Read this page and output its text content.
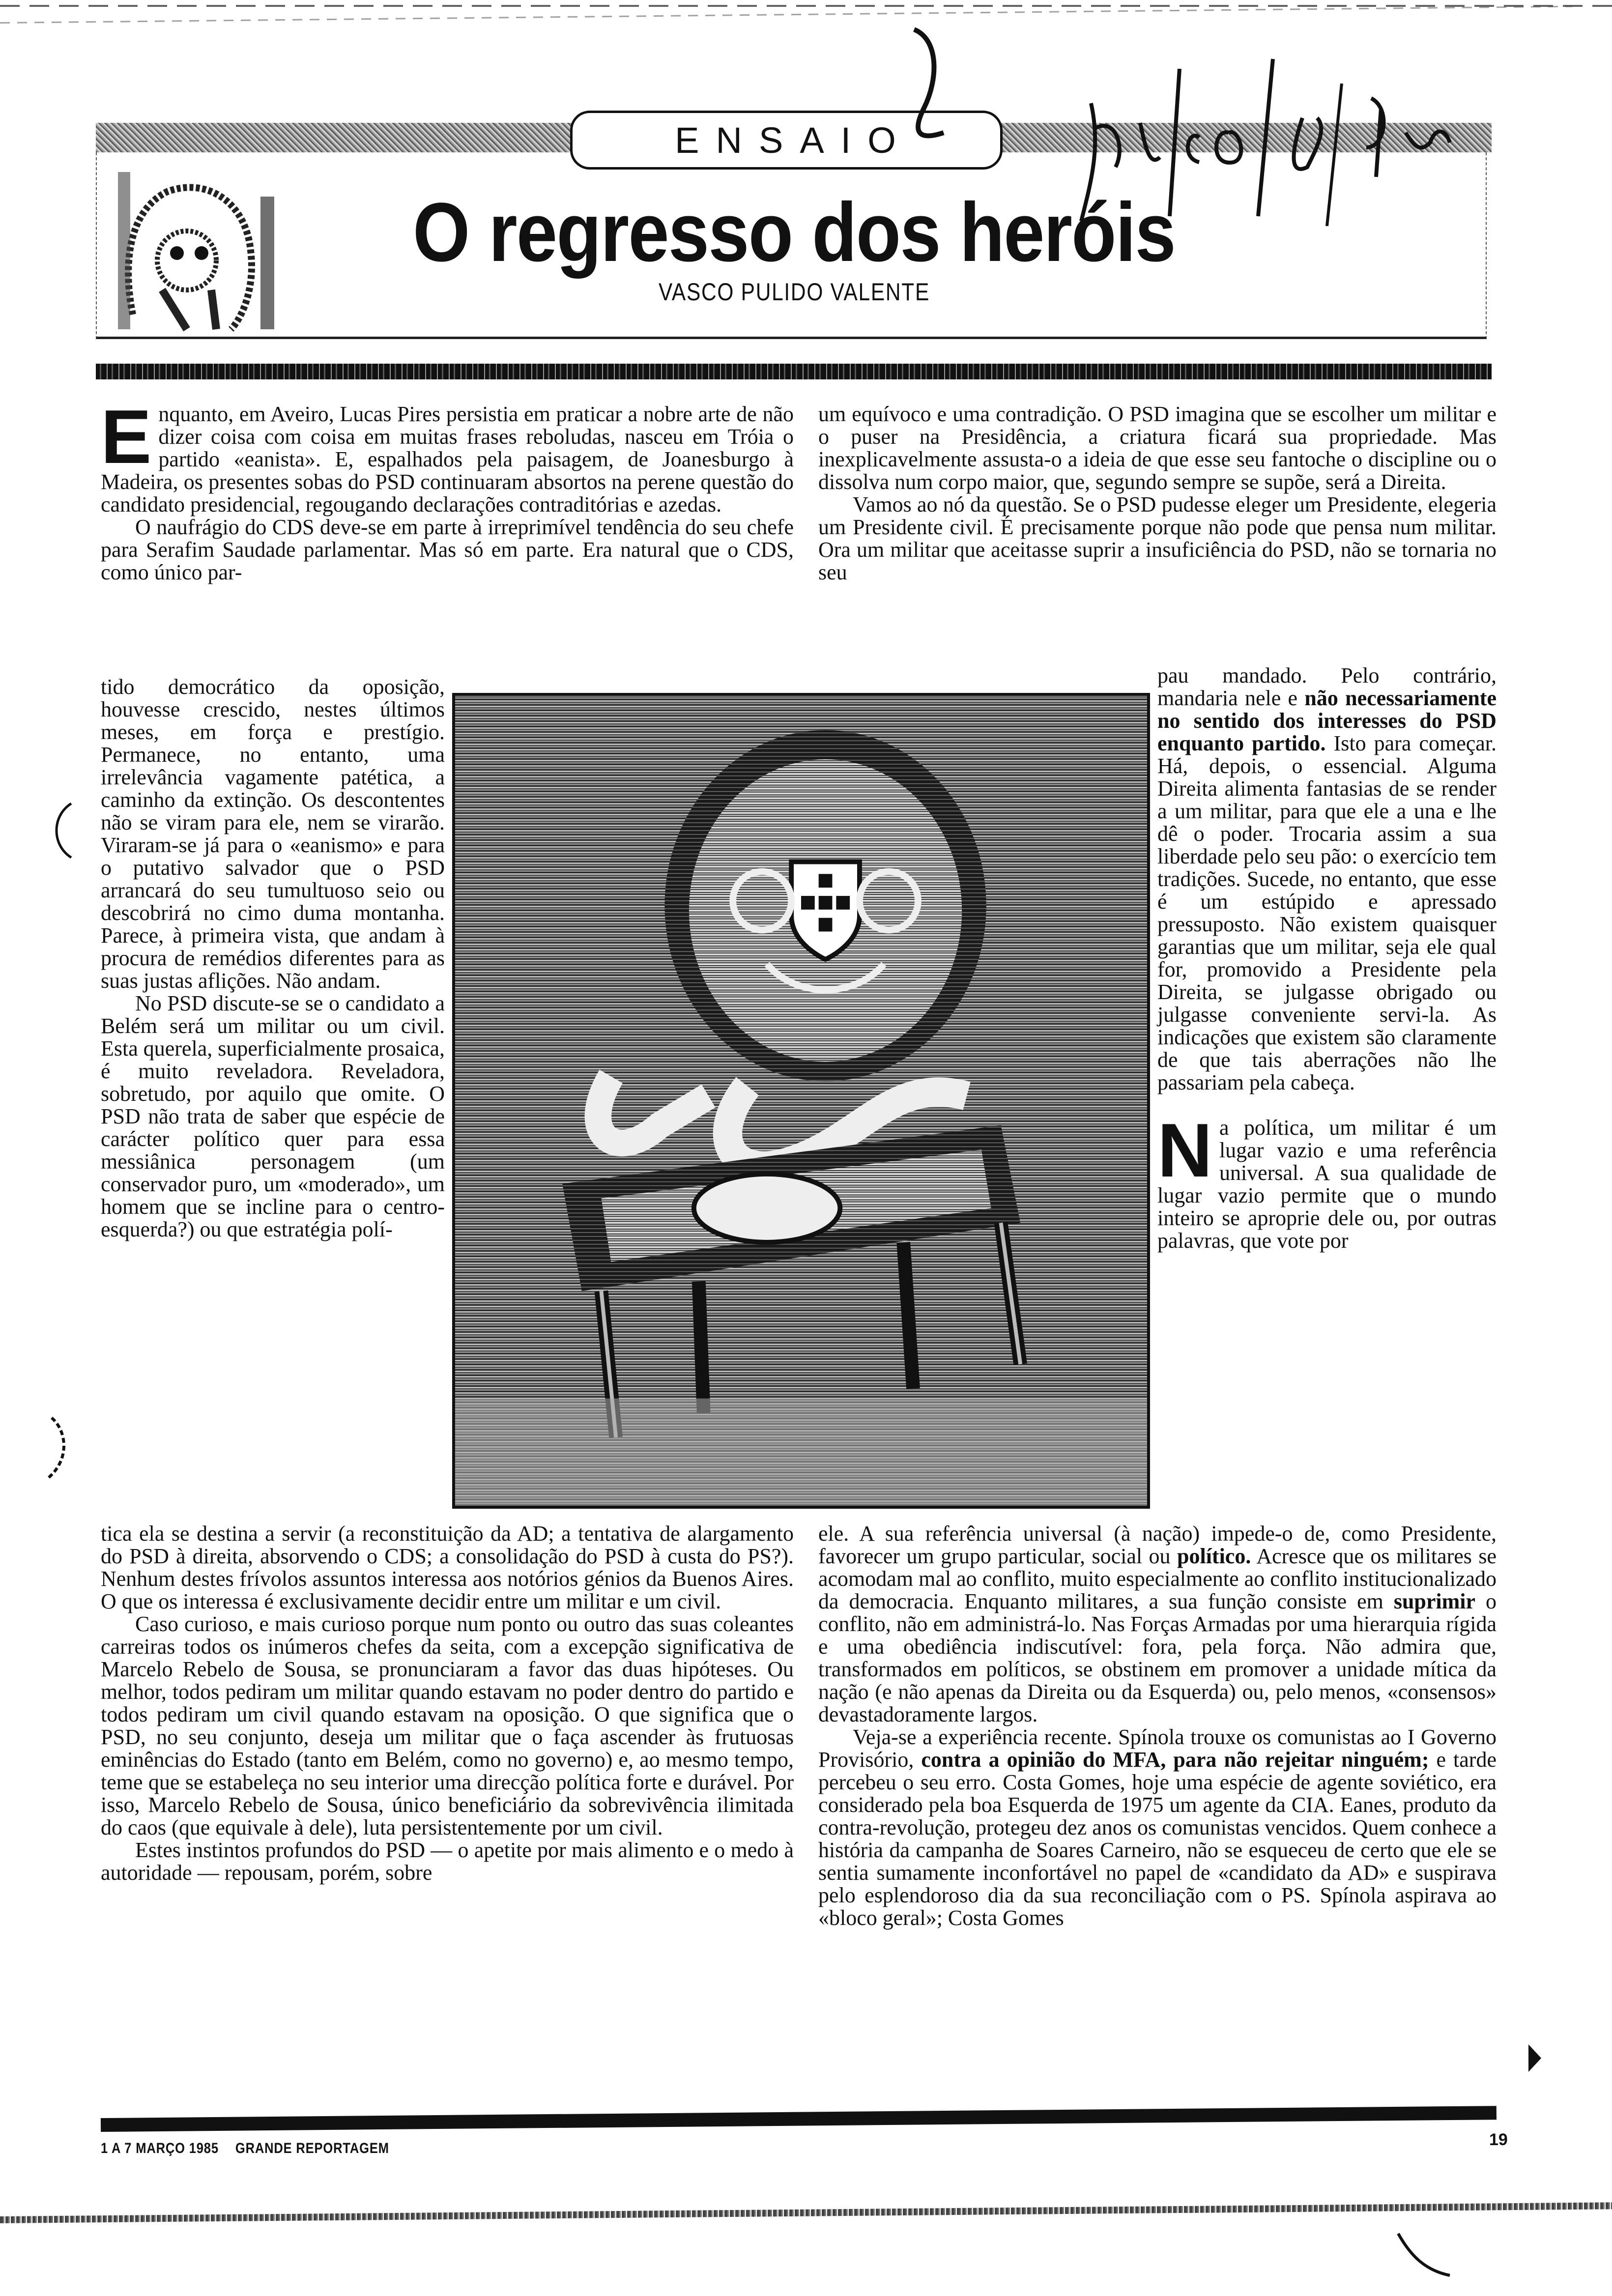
ENSAIO
O regresso dos heróis
VASCO PULIDO VALENTE

Enquanto, em Aveiro, Lucas Pires persistia em praticar a nobre arte de não dizer coisa com coisa em muitas frases reboludas, nasceu em Tróia o partido «eanista». E, espalhados pela paisagem, de Joanesburgo à Madeira, os presentes sobas do PSD continuaram absortos na perene questão do candidato presidencial, regougando declarações contraditórias e azedas.

O naufrágio do CDS deve-se em parte à irreprimível tendência do seu chefe para Serafim Saudade parlamentar. Mas só em parte. Era natural que o CDS, como único par-

tido democrático da oposição, houvesse crescido, nestes últimos meses, em força e prestígio. Permanece, no entanto, uma irrelevância vagamente patética, a caminho da extinção. Os descontentes não se viram para ele, nem se virarão. Viraram-se já para o «eanismo» e para o putativo salvador que o PSD arrancará do seu tumultuoso seio ou descobrirá no cimo duma montanha. Parece, à primeira vista, que andam à procura de remédios diferentes para as suas justas aflições. Não andam.

No PSD discute-se se o candidato a Belém será um militar ou um civil. Esta querela, superficialmente prosaica, é muito reveladora. Reveladora, sobretudo, por aquilo que omite. O PSD não trata de saber que espécie de carácter político quer para essa messiânica personagem (um conservador puro, um «moderado», um homem que se incline para o centro-esquerda?) ou que estratégia polí-

tica ela se destina a servir (a reconstituição da AD; a tentativa de alargamento do PSD à direita, absorvendo o CDS; a consolidação do PSD à custa do PS?). Nenhum destes frívolos assuntos interessa aos notórios génios da Buenos Aires. O que os interessa é exclusivamente decidir entre um militar e um civil.

Caso curioso, e mais curioso porque num ponto ou outro das suas coleantes carreiras todos os inúmeros chefes da seita, com a excepção significativa de Marcelo Rebelo de Sousa, se pronunciaram a favor das duas hipóteses. Ou melhor, todos pediram um militar quando estavam no poder dentro do partido e todos pediram um civil quando estavam na oposição. O que significa que o PSD, no seu conjunto, deseja um militar que o faça ascender às frutuosas eminências do Estado (tanto em Belém, como no governo) e, ao mesmo tempo, teme que se estabeleça no seu interior uma direcção política forte e durável. Por isso, Marcelo Rebelo de Sousa, único beneficiário da sobrevivência ilimitada do caos (que equivale à dele), luta persistentemente por um civil.

Estes instintos profundos do PSD — o apetite por mais alimento e o medo à autoridade — repousam, porém, sobre

um equívoco e uma contradição. O PSD imagina que se escolher um militar e o puser na Presidência, a criatura ficará sua propriedade. Mas inexplicavelmente assusta-o a ideia de que esse seu fantoche o discipline ou o dissolva num corpo maior, que, segundo sempre se supõe, será a Direita.

Vamos ao nó da questão. Se o PSD pudesse eleger um Presidente, elegeria um Presidente civil. É precisamente porque não pode que pensa num militar. Ora um militar que aceitasse suprir a insuficiência do PSD, não se tornaria no seu

pau mandado. Pelo contrário, mandaria nele e não necessariamente no sentido dos interesses do PSD enquanto partido. Isto para começar. Há, depois, o essencial. Alguma Direita alimenta fantasias de se render a um militar, para que ele a una e lhe dê o poder. Trocaria assim a sua liberdade pelo seu pão: o exercício tem tradições. Sucede, no entanto, que esse é um estúpido e apressado pressuposto. Não existem quaisquer garantias que um militar, seja ele qual for, promovido a Presidente pela Direita, se julgasse obrigado ou julgasse conveniente servi-la. As indicações que existem são claramente de que tais aberrações não lhe passariam pela cabeça.

Na política, um militar é um lugar vazio e uma referência universal. A sua qualidade de lugar vazio permite que o mundo inteiro se aproprie dele ou, por outras palavras, que vote por

ele. A sua referência universal (à nação) impede-o de, como Presidente, favorecer um grupo particular, social ou político. Acresce que os militares se acomodam mal ao conflito, muito especialmente ao conflito institucionalizado da democracia. Enquanto militares, a sua função consiste em suprimir o conflito, não em administrá-lo. Nas Forças Armadas por uma hierarquia rígida e uma obediência indiscutível: fora, pela força. Não admira que, transformados em políticos, se obstinem em promover a unidade mítica da nação (e não apenas da Direita ou da Esquerda) ou, pelo menos, «consensos» devastadoramente largos.

Veja-se a experiência recente. Spínola trouxe os comunistas ao I Governo Provisório, contra a opinião do MFA, para não rejeitar ninguém; e tarde percebeu o seu erro. Costa Gomes, hoje uma espécie de agente soviético, era considerado pela boa Esquerda de 1975 um agente da CIA. Eanes, produto da contra-revolução, protegeu dez anos os comunistas vencidos. Quem conhece a história da campanha de Soares Carneiro, não se esqueceu de certo que ele se sentia sumamente inconfortável no papel de «candidato da AD» e suspirava pelo esplendoroso dia da sua reconciliação com o PS. Spínola aspirava ao «bloco geral»; Costa Gomes

1 A 7 MARÇO 1985 GRANDE REPORTAGEM	19
